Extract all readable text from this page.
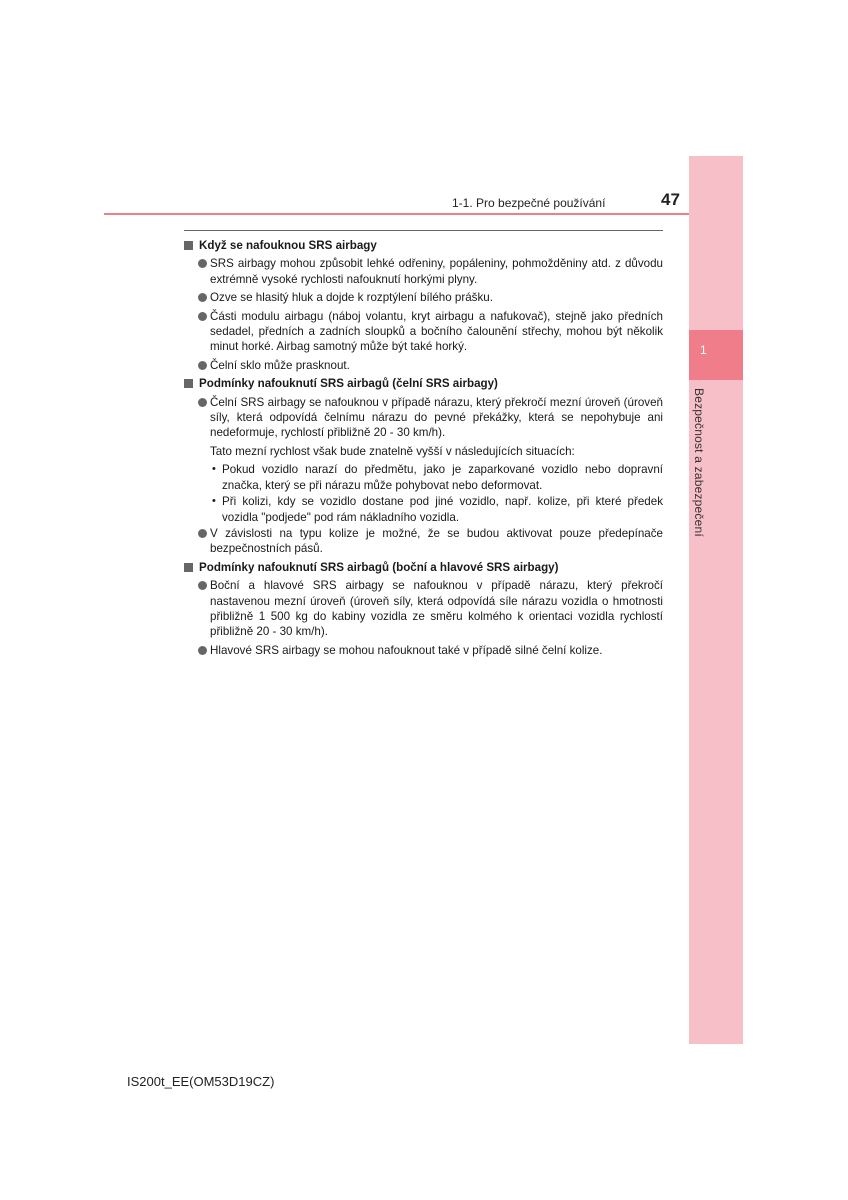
1
Bezpečnost a zabezpečení
1-1. Pro bezpečné používání	47
Když se nafouknou SRS airbagy
SRS airbagy mohou způsobit lehké odřeniny, popáleniny, pohmožděniny atd. z důvodu extrémně vysoké rychlosti nafouknutí horkými plyny.
Ozve se hlasitý hluk a dojde k rozptýlení bílého prášku.
Části modulu airbagu (náboj volantu, kryt airbagu a nafukovač), stejně jako předních sedadel, předních a zadních sloupků a bočního čalounění střechy, mohou být několik minut horké. Airbag samotný může být také horký.
Čelní sklo může prasknout.
Podmínky nafouknutí SRS airbagů (čelní SRS airbagy)
Čelní SRS airbagy se nafouknou v případě nárazu, který překročí mezní úroveň (úroveň síly, která odpovídá čelnímu nárazu do pevné překážky, která se nepohybuje ani nedeformuje, rychlostí přibližně 20 - 30 km/h).
Tato mezní rychlost však bude znatelně vyšší v následujících situacích:
• Pokud vozidlo narazí do předmětu, jako je zaparkované vozidlo nebo dopravní značka, který se při nárazu může pohybovat nebo deformovat.
• Při kolizi, kdy se vozidlo dostane pod jiné vozidlo, např. kolize, při které předek vozidla "podjede" pod rám nákladního vozidla.
V závislosti na typu kolize je možné, že se budou aktivovat pouze předepínače bezpečnostních pásů.
Podmínky nafouknutí SRS airbagů (boční a hlavové SRS airbagy)
Boční a hlavové SRS airbagy se nafouknou v případě nárazu, který překročí nastavenou mezní úroveň (úroveň síly, která odpovídá síle nárazu vozidla o hmotnosti přibližně 1 500 kg do kabiny vozidla ze směru kolmého k orientaci vozidla rychlostí přibližně 20 - 30 km/h).
Hlavové SRS airbagy se mohou nafouknout také v případě silné čelní kolize.
IS200t_EE(OM53D19CZ)
